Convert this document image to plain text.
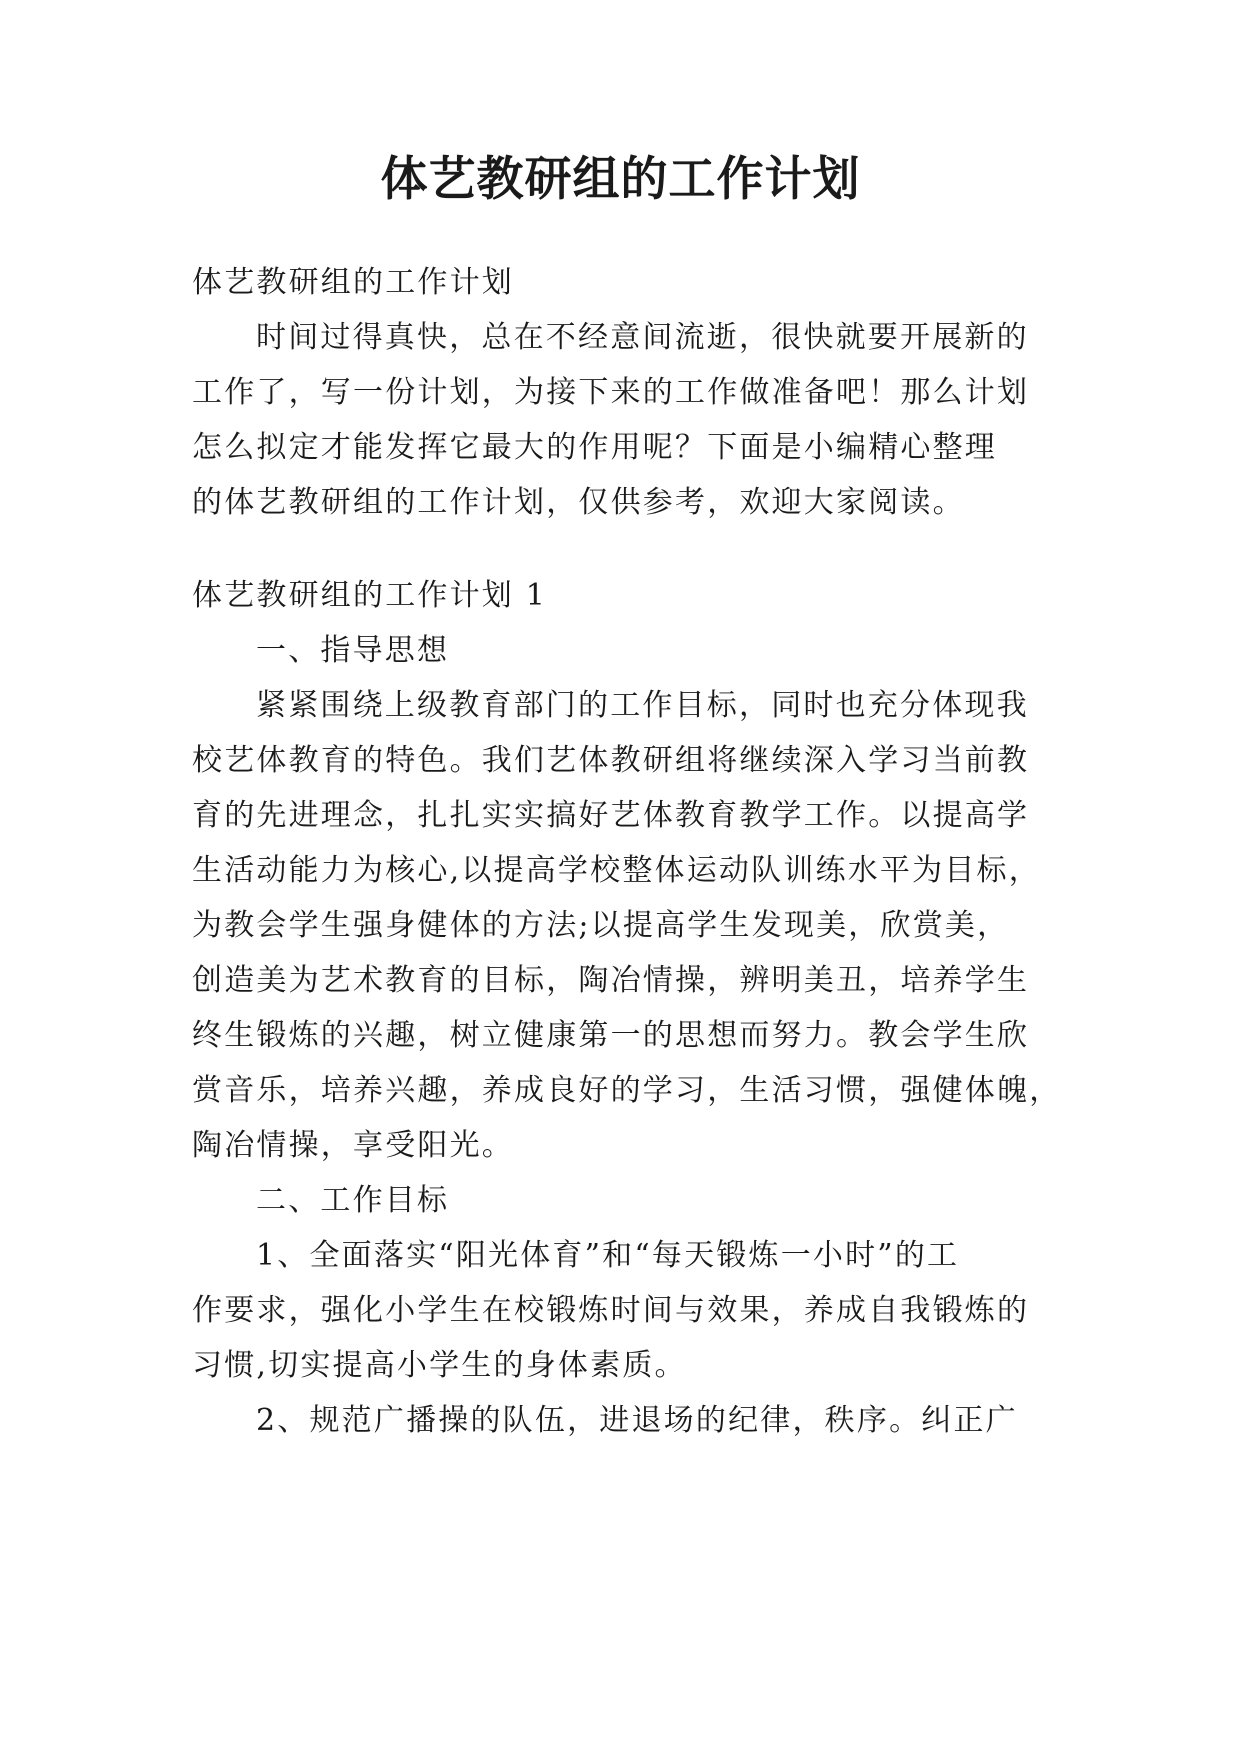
体艺教研组的工作计划
体艺教研组的工作计划
时间过得真快，总在不经意间流逝，很快就要开展新的
工作了，写一份计划，为接下来的工作做准备吧！那么计划
怎么拟定才能发挥它最大的作用呢？下面是小编精心整理
的体艺教研组的工作计划，仅供参考，欢迎大家阅读。
体艺教研组的工作计划 1
一、指导思想
紧紧围绕上级教育部门的工作目标，同时也充分体现我
校艺体教育的特色。我们艺体教研组将继续深入学习当前教
育的先进理念，扎扎实实搞好艺体教育教学工作。以提高学
生活动能力为核心,以提高学校整体运动队训练水平为目标，
为教会学生强身健体的方法;以提高学生发现美，欣赏美，
创造美为艺术教育的目标，陶冶情操，辨明美丑，培养学生
终生锻炼的兴趣，树立健康第一的思想而努力。教会学生欣
赏音乐，培养兴趣，养成良好的学习，生活习惯，强健体魄，
陶冶情操，享受阳光。
二、工作目标
1、全面落实“阳光体育”和“每天锻炼一小时”的工
作要求，强化小学生在校锻炼时间与效果，养成自我锻炼的
习惯,切实提高小学生的身体素质。
2、规范广播操的队伍，进退场的纪律，秩序。纠正广
